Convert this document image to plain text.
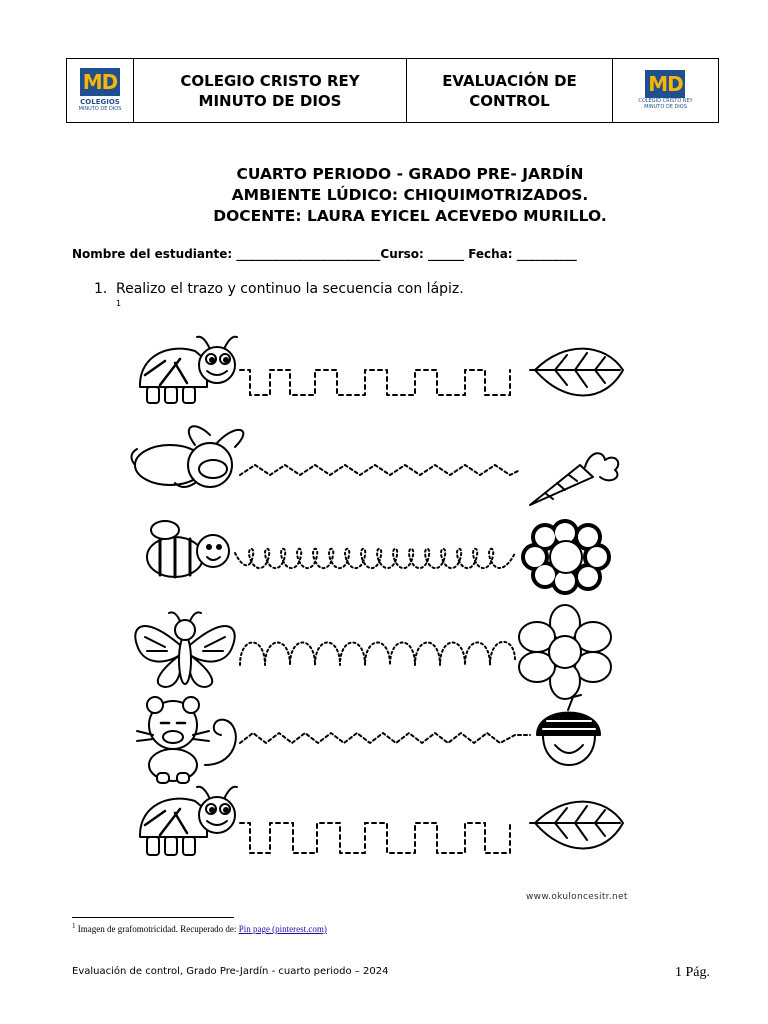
MD
COLEGIOS
MINUTO DE DIOS

COLEGIO CRISTO REY
MINUTO DE DIOS

EVALUACIÓN DE
CONTROL

MD
COLEGIO CRISTO REY
MINUTO DE DIOS
CUARTO PERIODO - GRADO PRE- JARDÍN
AMBIENTE LÚDICO: CHIQUIMOTRIZADOS.
DOCENTE: LAURA EYICEL ACEVEDO MURILLO.
Nombre del estudiante: ________________________Curso: ______ Fecha: __________
1. Realizo el trazo y continuo la secuencia con lápiz.
1
www.okuloncesitr.net
$^1$ Imagen de grafomotricidad. Recuperado de: Pin page (pinterest.com)
Evaluación de control, Grado Pre-Jardín - cuarto periodo – 2024	1 Pág.
